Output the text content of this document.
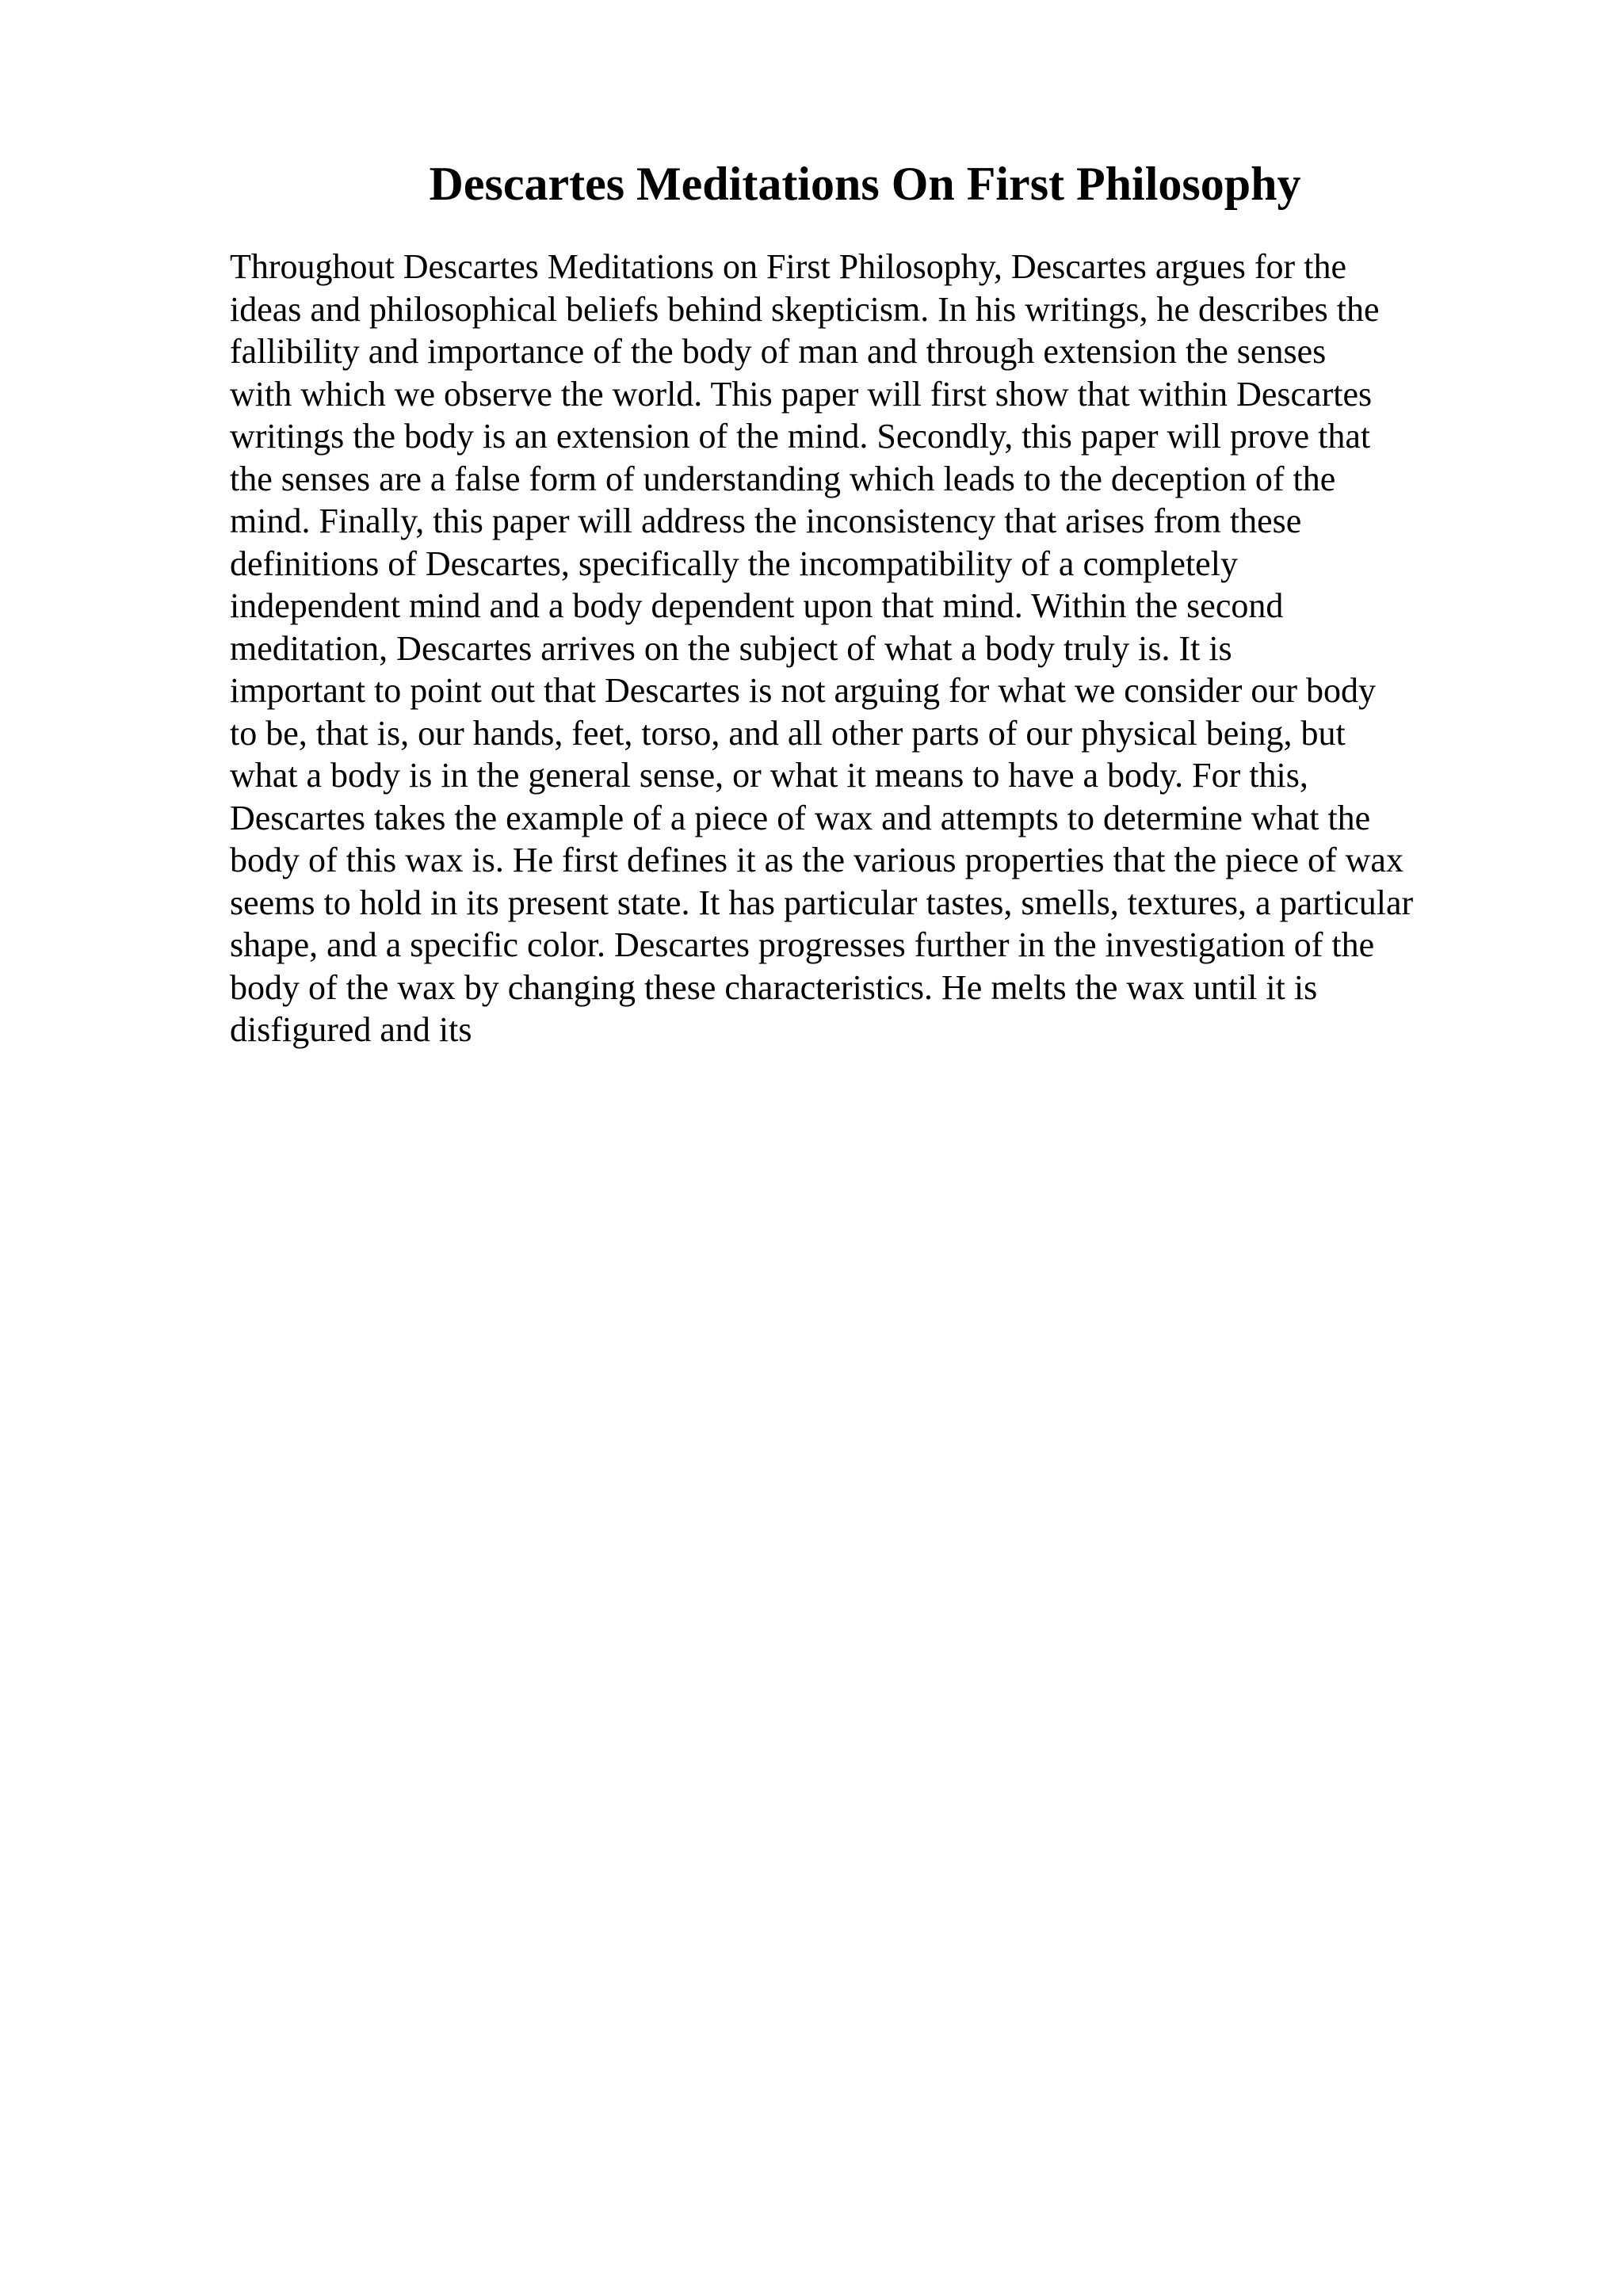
Descartes Meditations On First Philosophy
Throughout Descartes Meditations on First Philosophy, Descartes argues for the
ideas and philosophical beliefs behind skepticism. In his writings, he describes the
fallibility and importance of the body of man and through extension the senses
with which we observe the world. This paper will first show that within Descartes
writings the body is an extension of the mind. Secondly, this paper will prove that
the senses are a false form of understanding which leads to the deception of the
mind. Finally, this paper will address the inconsistency that arises from these
definitions of Descartes, specifically the incompatibility of a completely
independent mind and a body dependent upon that mind. Within the second
meditation, Descartes arrives on the subject of what a body truly is. It is
important to point out that Descartes is not arguing for what we consider our body
to be, that is, our hands, feet, torso, and all other parts of our physical being, but
what a body is in the general sense, or what it means to have a body. For this,
Descartes takes the example of a piece of wax and attempts to determine what the
body of this wax is. He first defines it as the various properties that the piece of wax
seems to hold in its present state. It has particular tastes, smells, textures, a particular
shape, and a specific color. Descartes progresses further in the investigation of the
body of the wax by changing these characteristics. He melts the wax until it is
disfigured and its
